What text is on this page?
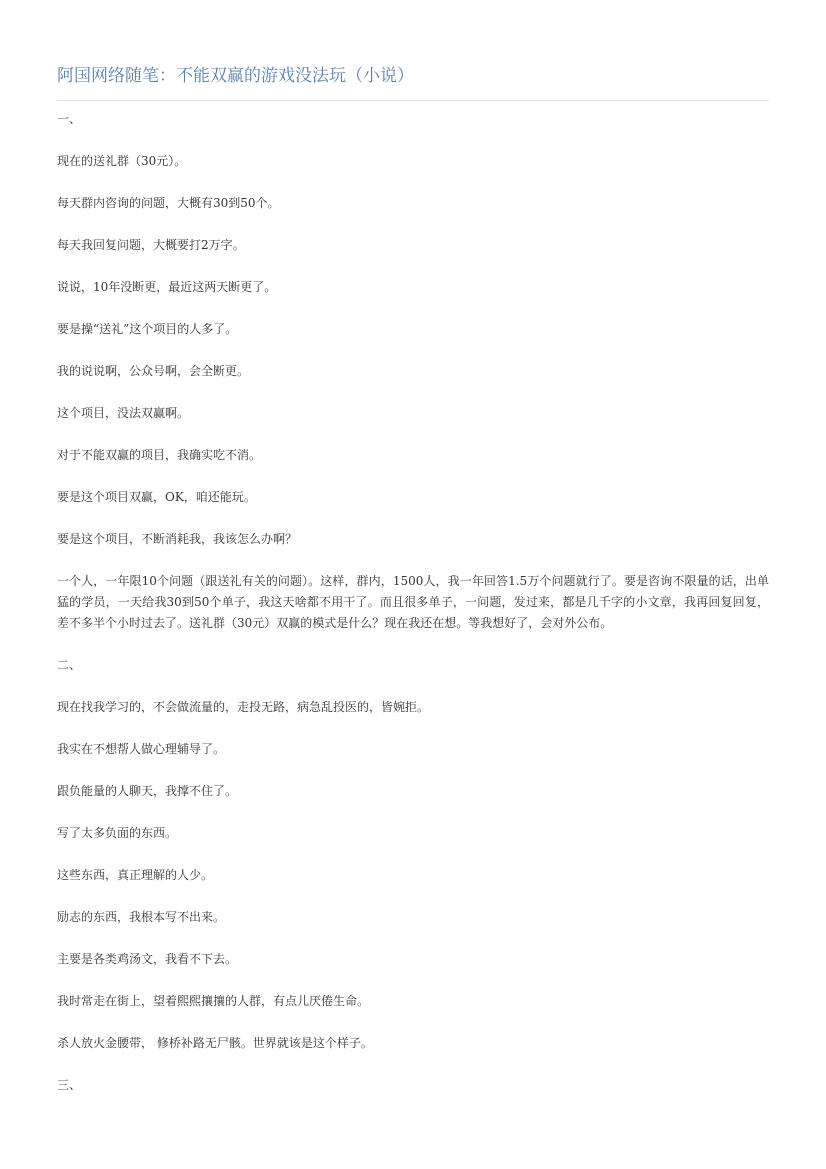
阿国网络随笔：不能双赢的游戏没法玩（小说）
一、

现在的送礼群（30元）。

每天群内咨询的问题，大概有30到50个。

每天我回复问题，大概要打2万字。

说说，10年没断更，最近这两天断更了。

要是操“送礼”这个项目的人多了。

我的说说啊，公众号啊，会全断更。

这个项目，没法双赢啊。

对于不能双赢的项目，我确实吃不消。

要是这个项目双赢，OK，咱还能玩。

要是这个项目，不断消耗我，我该怎么办啊？

一个人，一年限10个问题（跟送礼有关的问题）。这样，群内，1500人，我一年回答1.5万个问题就行了。要是咨询不限量的话，出单猛的学员，一天给我30到50个单子，我这天啥都不用干了。而且很多单子，一问题，发过来，都是几千字的小文章，我再回复回复，差不多半个小时过去了。送礼群（30元）双赢的模式是什么？现在我还在想。等我想好了，会对外公布。

二、

现在找我学习的，不会做流量的，走投无路，病急乱投医的，皆婉拒。

我实在不想帮人做心理辅导了。

跟负能量的人聊天，我撑不住了。

写了太多负面的东西。

这些东西，真正理解的人少。

励志的东西，我根本写不出来。

主要是各类鸡汤文，我看不下去。

我时常走在街上，望着熙熙攘攘的人群，有点儿厌倦生命。

杀人放火金腰带， 修桥补路无尸骸。世界就该是这个样子。

三、
